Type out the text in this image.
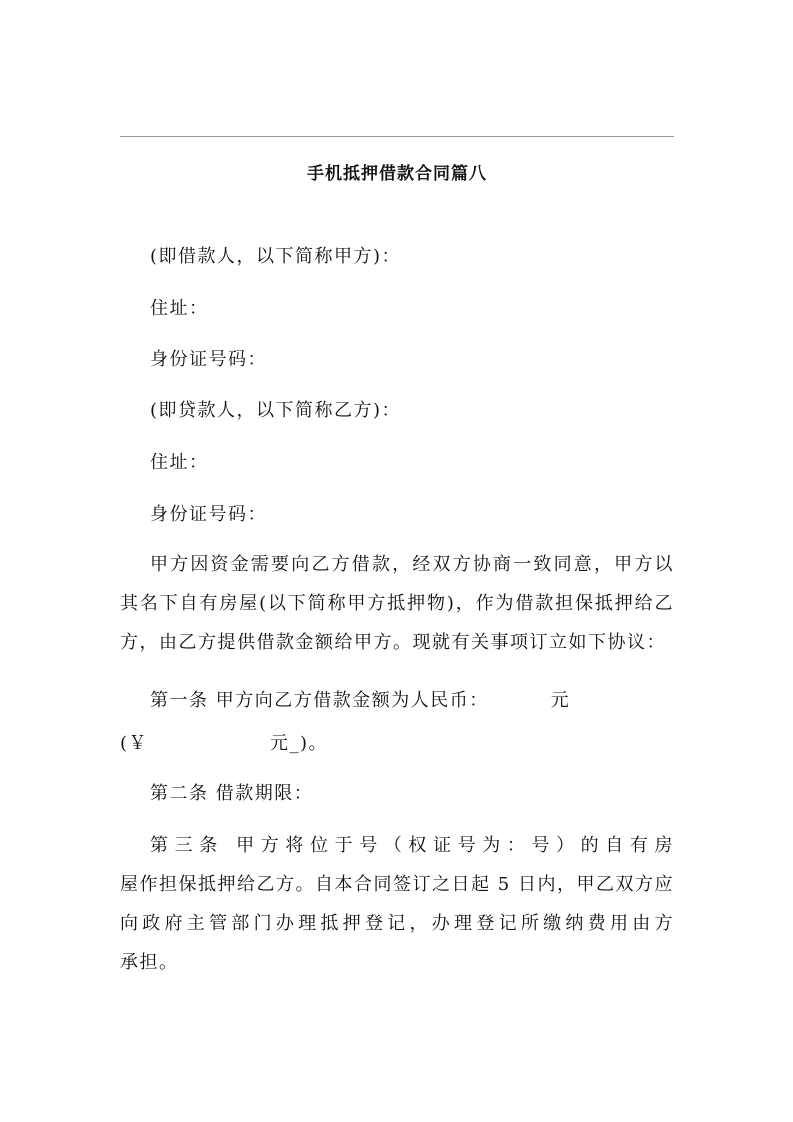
手机抵押借款合同篇八
(即借款人，以下简称甲方)：
住址：
身份证号码：
(即贷款人，以下简称乙方)：
住址：
身份证号码：
甲方因资金需要向乙方借款，经双方协商一致同意，甲方以
其名下自有房屋(以下简称甲方抵押物)，作为借款担保抵押给乙
方，由乙方提供借款金额给甲方。现就有关事项订立如下协议：
第一条 甲方向乙方借款金额为人民币：	元
(￥	元_)。
第二条 借款期限：
第三条 甲方将位于号（权证号为：号）的自有房
屋作担保抵押给乙方。自本合同签订之日起 5 日内，甲乙双方应
向政府主管部门办理抵押登记，办理登记所缴纳费用由方
承担。
